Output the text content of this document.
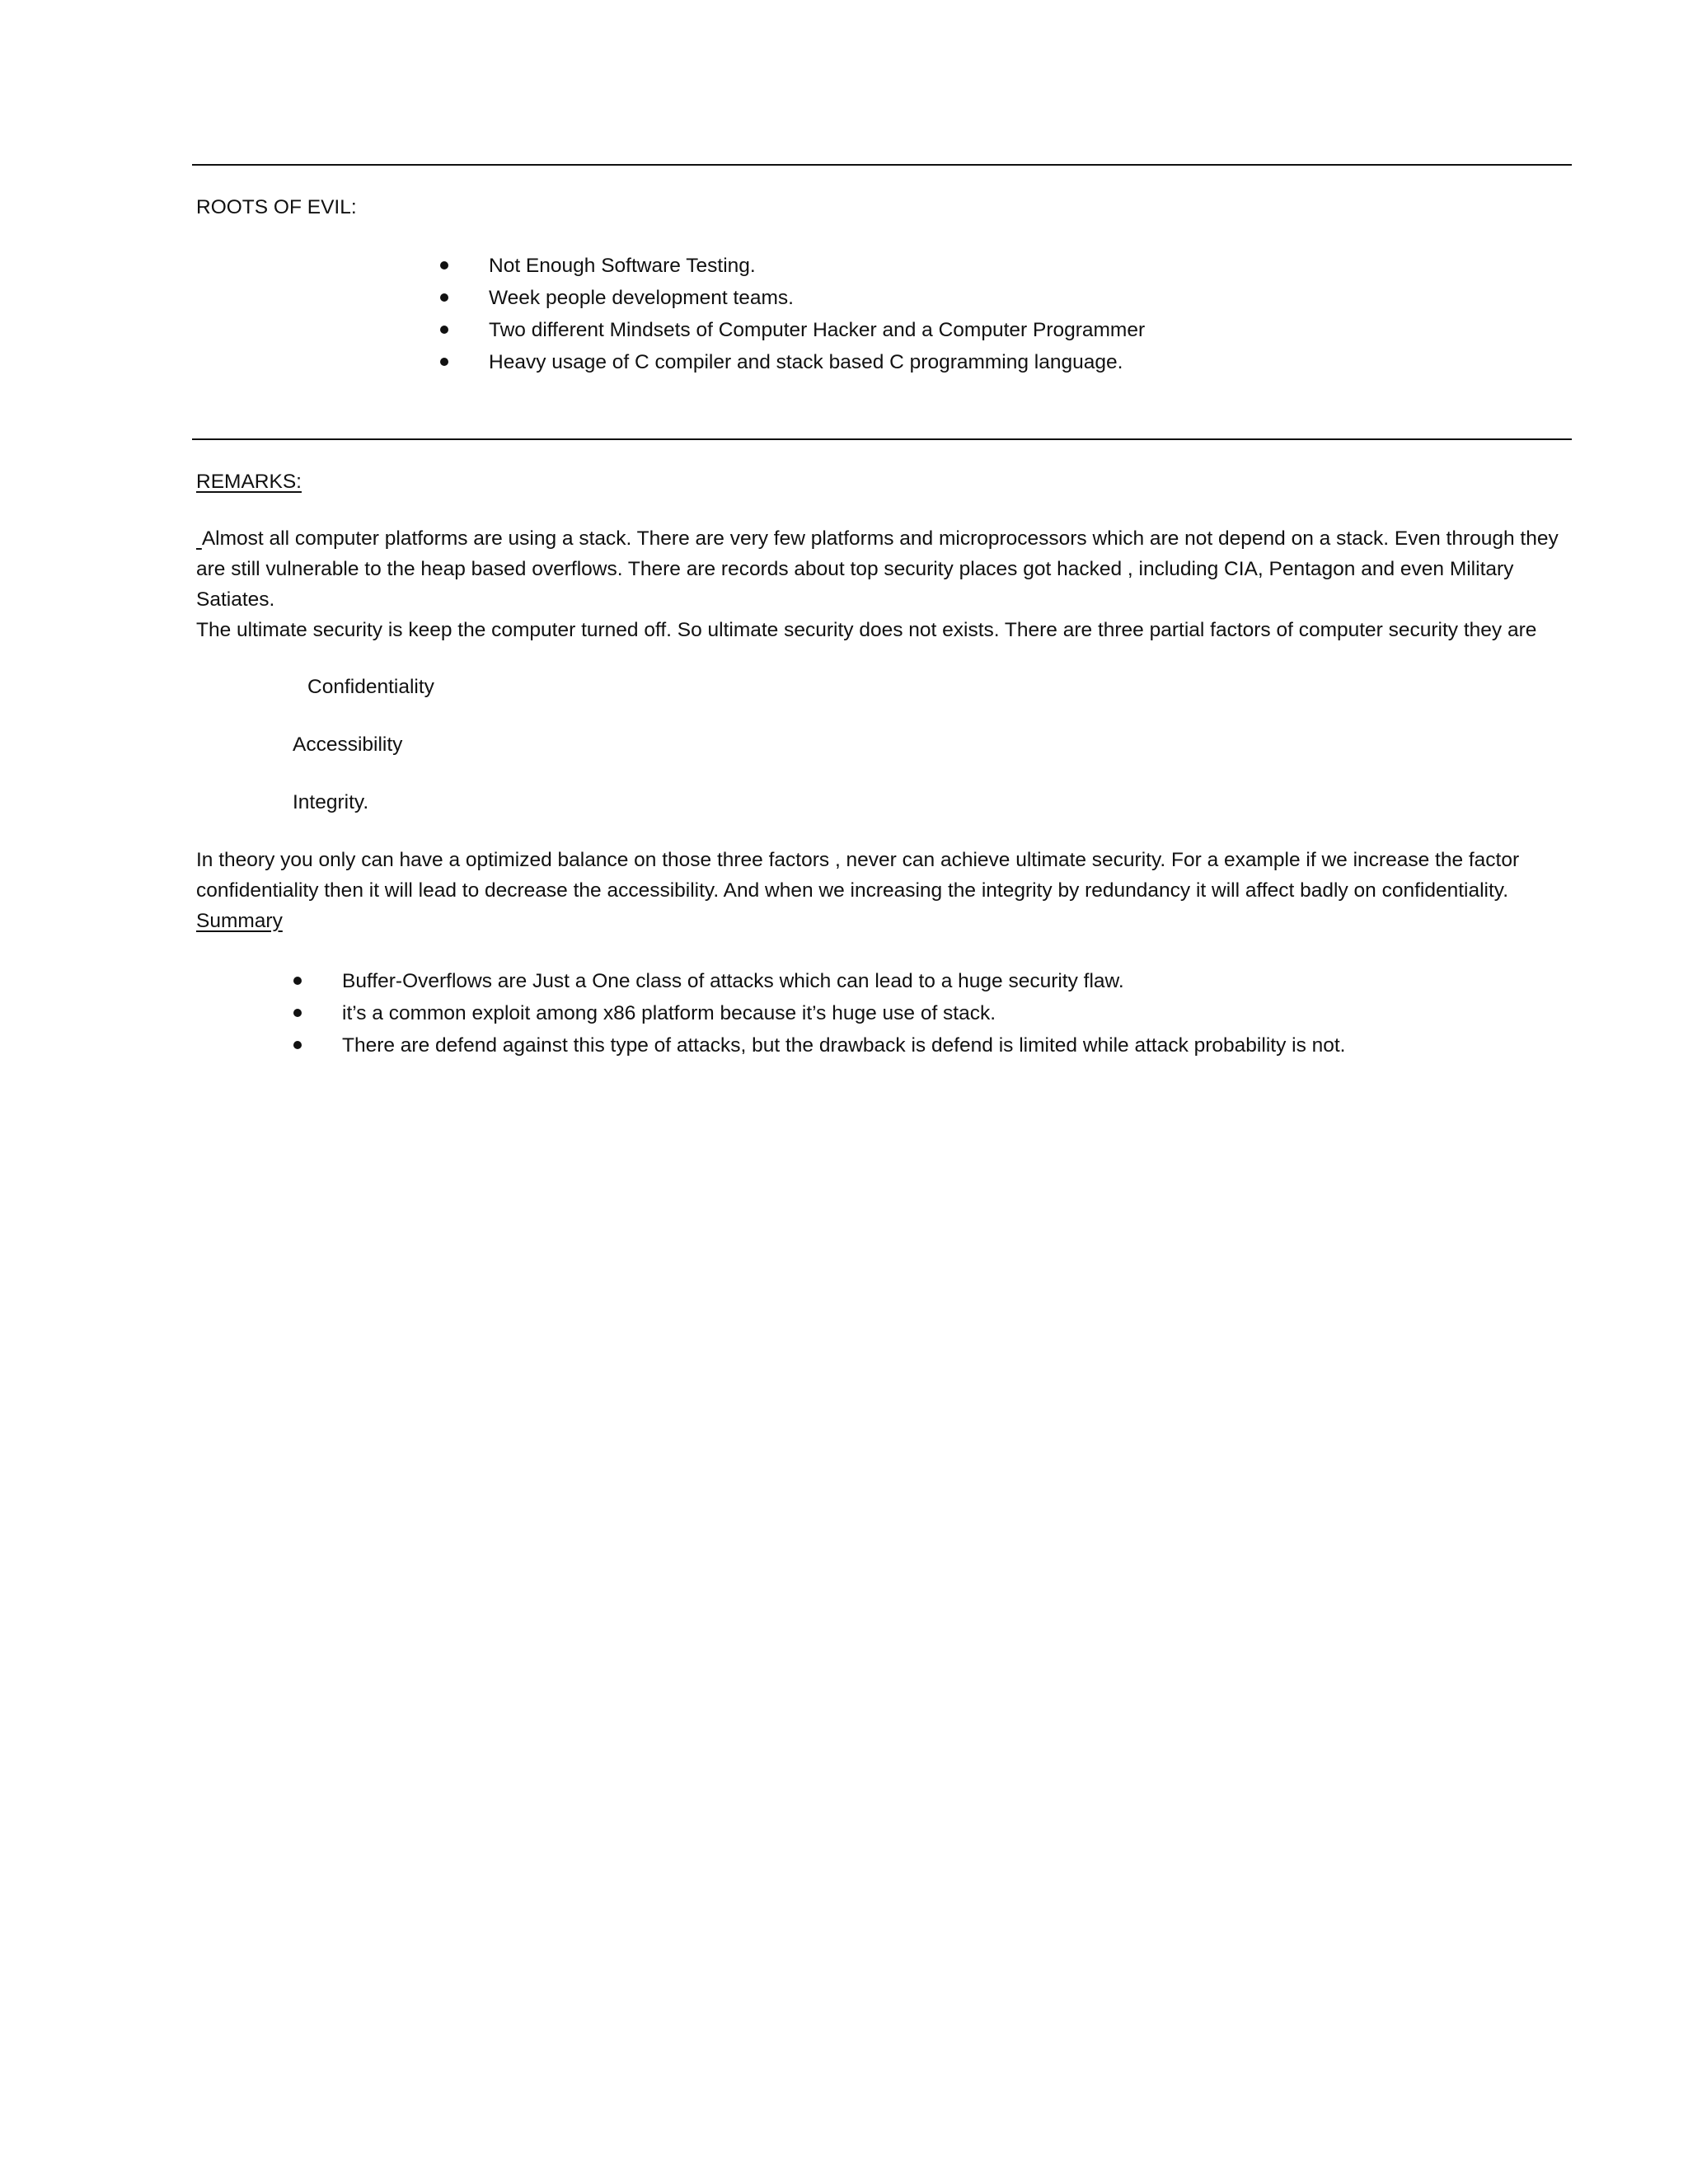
ROOTS OF EVIL:
Not Enough Software Testing.
Week people development teams.
Two different Mindsets of Computer Hacker and a Computer Programmer
Heavy usage of C compiler and stack based C programming language.
REMARKS:

Almost all computer platforms are using a stack. There are very few platforms and microprocessors which are not depend on a stack. Even through they are still vulnerable to the heap based overflows. There are records about top security places got hacked , including CIA, Pentagon and even Military Satiates.

The ultimate security is keep the computer turned off. So ultimate security does not exists. There are three partial factors of computer security they are

Confidentiality
Accessibility
Integrity.

In theory you only can have a optimized balance on those three factors , never can achieve ultimate security. For a example if we increase the factor confidentiality then it will lead to decrease the accessibility. And when we increasing the integrity by redundancy it will affect badly on confidentiality.

Summary

Buffer-Overflows are Just a One class of attacks which can lead to a huge security flaw.
it’s a common exploit among x86 platform because it’s huge use of stack.
There are defend against this type of attacks, but the drawback is defend is limited while attack probability is not.
